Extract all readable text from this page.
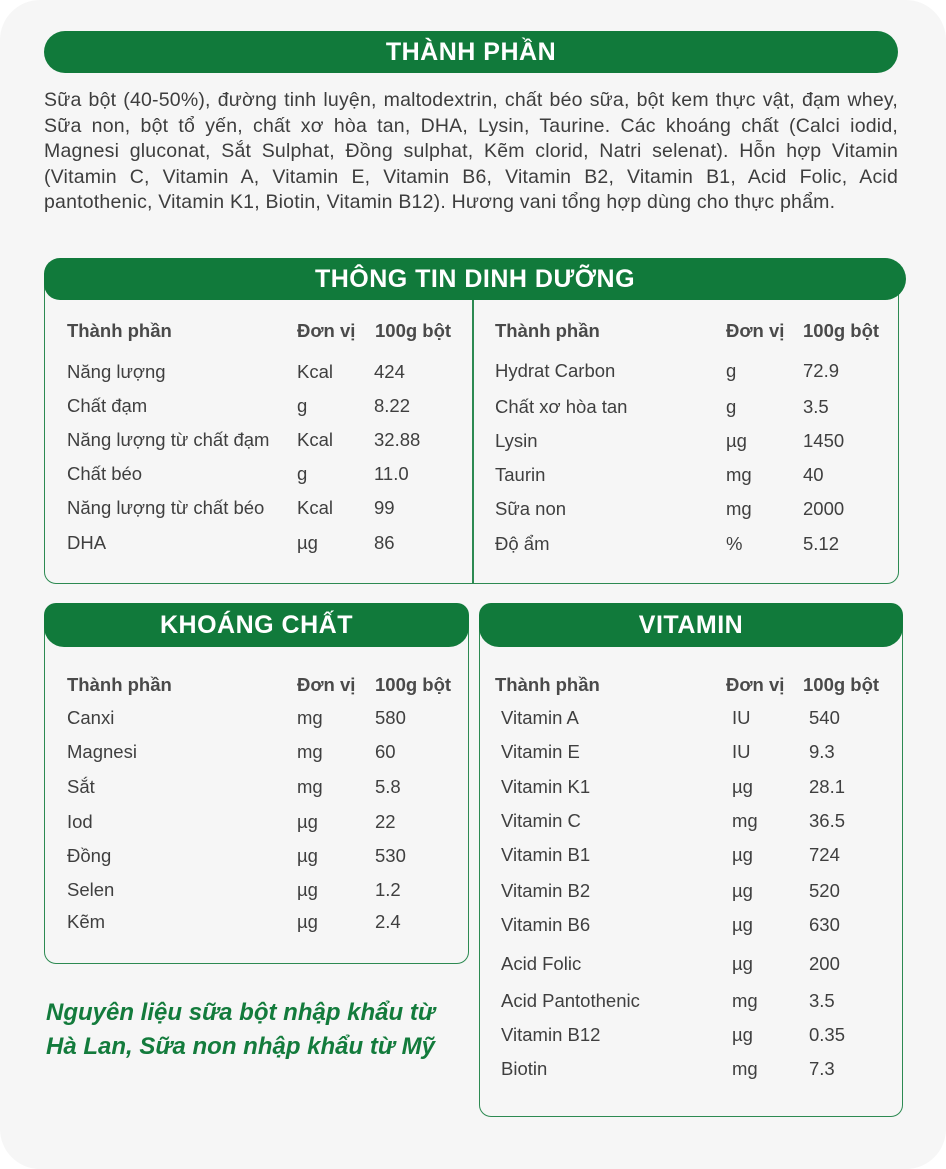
THÀNH PHẦN
Sữa bột (40-50%), đường tinh luyện, maltodextrin, chất béo sữa, bột kem thực vật, đạm whey, Sữa non, bột tổ yến, chất xơ hòa tan, DHA, Lysin, Taurine. Các khoáng chất (Calci iodid, Magnesi gluconat, Sắt Sulphat, Đồng sulphat, Kẽm clorid, Natri selenat). Hỗn hợp Vitamin (Vitamin C, Vitamin A, Vitamin E, Vitamin B6, Vitamin B2, Vitamin B1, Acid Folic, Acid pantothenic, Vitamin K1, Biotin, Vitamin B12). Hương vani tổng hợp dùng cho thực phẩm.
THÔNG TIN DINH DƯỠNG
Thành phần	Đơn vị 100g bột
Năng lượng	Kcal 424
Chất đạm	g	8.22
Năng lượng từ chất đạm Kcal 32.88
Chất béo	g	11.0
Năng lượng từ chất béo Kcal 99
DHA	µg	86
Thành phần	Đơn vị 100g bột
Hydrat Carbon	g	72.9
Chất xơ hòa tan	g	3.5
Lysin	µg	1450
Taurin	mg	40
Sữa non	mg	2000
Độ ẩm	%	5.12
KHOÁNG CHẤT
Thành phần	Đơn vị 100g bột
Canxi	mg	580
Magnesi	mg	60
Sắt	mg	5.8
Iod	µg	22
Đồng	µg	530
Selen	µg	1.2
Kẽm	µg	2.4
VITAMIN
Thành phần	Đơn vị 100g bột
Vitamin A	IU	540
Vitamin E	IU	9.3
Vitamin K1	µg	28.1
Vitamin C	mg	36.5
Vitamin B1	µg	724
Vitamin B2	µg	520
Vitamin B6	µg	630
Acid Folic	µg	200
Acid Pantothenic	mg	3.5
Vitamin B12	µg	0.35
Biotin	mg	7.3
Nguyên liệu sữa bột nhập khẩu từ
Hà Lan, Sữa non nhập khẩu từ Mỹ
